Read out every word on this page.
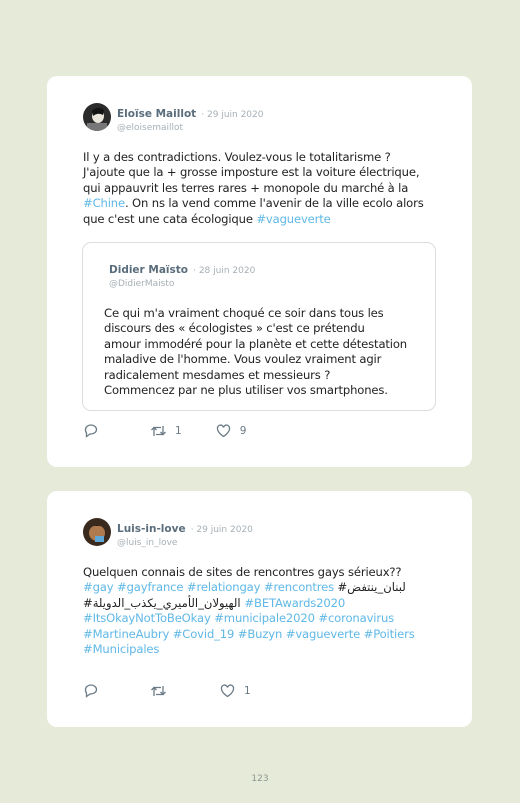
Eloïse Maillot · 29 juin 2020
@eloisemaillot

Il y a des contradictions. Voulez-vous le totalitarisme ?
J'ajoute que la + grosse imposture est la voiture électrique,
qui appauvrit les terres rares + monopole du marché à la
#Chine. On ns la vend comme l'avenir de la ville ecolo alors
que c'est une cata écologique #vagueverte

Didier Maïsto · 28 juin 2020
@DidierMaisto

Ce qui m'a vraiment choqué ce soir dans tous les
discours des « écologistes » c'est ce prétendu
amour immodéré pour la planète et cette détestation
maladive de l'homme. Vous voulez vraiment agir
radicalement mesdames et messieurs ?
Commencez par ne plus utiliser vos smartphones.

1	9
Luis-in-love · 29 juin 2020
@luis_in_love

Quelquen connais de sites de rencontres gays sérieux??
#gay #gayfrance #relationgay #rencontres #لبنان_ينتفض
#الهيولان_الأميري_يكذب_الدويلة #BETAwards2020
#ItsOkayNotToBeOkay #municipale2020 #coronavirus
#MartineAubry #Covid_19 #Buzyn #vagueverte #Poitiers
#Municipales

1
123
